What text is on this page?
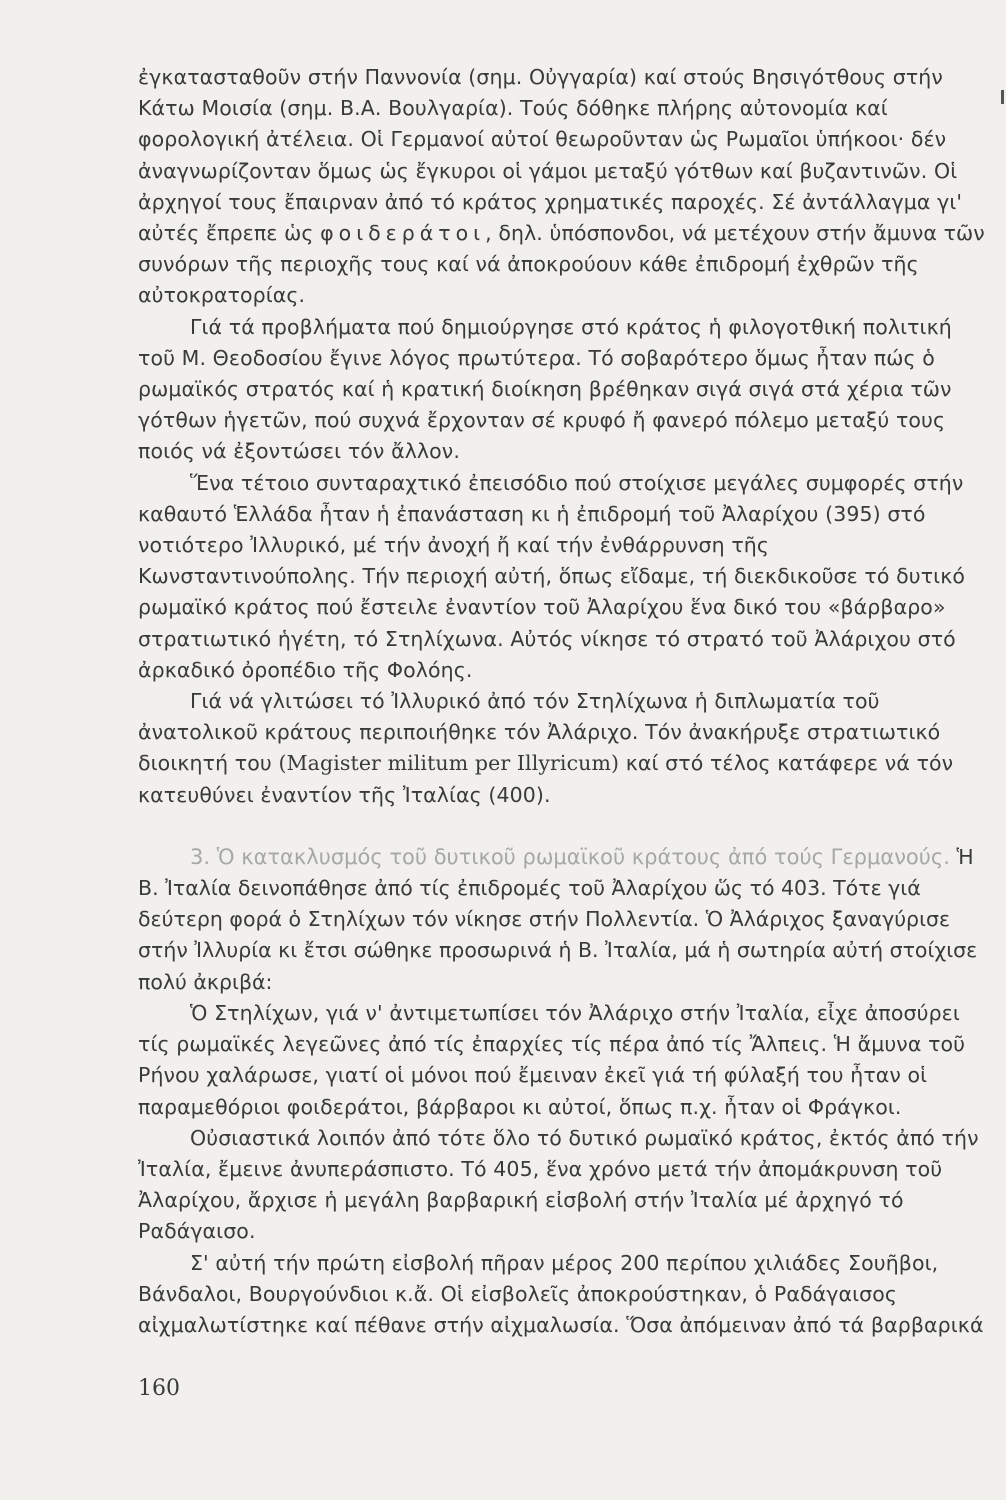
ἐγκατασταθοῦν στήν Παννονία (σημ. Οὐγγαρία) καί στούς Βησιγότθους στήν Κάτω Μοισία (σημ. Β.Α. Βουλγαρία). Τούς δόθηκε πλήρης αὐτονομία καί φορολογική ἀτέλεια. Οἱ Γερμανοί αὐτοί θεωροῦνταν ὡς Ρωμαῖοι ὑπήκοοι· δέν ἀναγνωρίζονταν ὅμως ὡς ἔγκυροι οἱ γάμοι μεταξύ γότθων καί βυζαντινῶν. Οἱ ἀρχηγοί τους ἔπαιρναν ἀπό τό κράτος χρηματικές παροχές. Σέ ἀντάλλαγμα γι' αὐτές ἔπρεπε ὡς φοιδεράτοι, δηλ. ὑπόσπονδοι, νά μετέχουν στήν ἄμυνα τῶν συνόρων τῆς περιοχῆς τους καί νά ἀποκρούουν κάθε ἐπιδρομή ἐχθρῶν τῆς αὐτοκρατορίας.

Γιά τά προβλήματα πού δημιούργησε στό κράτος ἡ φιλογοτθική πολιτική τοῦ Μ. Θεοδοσίου ἔγινε λόγος πρωτύτερα. Τό σοβαρότερο ὅμως ἦταν πώς ὁ ρωμαϊκός στρατός καί ἡ κρατική διοίκηση βρέθηκαν σιγά σιγά στά χέρια τῶν γότθων ἡγετῶν, πού συχνά ἔρχονταν σέ κρυφό ἤ φανερό πόλεμο μεταξύ τους ποιός νά ἐξοντώσει τόν ἄλλον.

Ἕνα τέτοιο συνταραχτικό ἐπεισόδιο πού στοίχισε μεγάλες συμφορές στήν καθαυτό Ἑλλάδα ἦταν ἡ ἐπανάσταση κι ἡ ἐπιδρομή τοῦ Ἀλαρίχου (395) στό νοτιότερο Ἰλλυρικό, μέ τήν ἀνοχή ἤ καί τήν ἐνθάρρυνση τῆς Κωνσταντινούπολης. Τήν περιοχή αὐτή, ὅπως εἴδαμε, τή διεκδικοῦσε τό δυτικό ρωμαϊκό κράτος πού ἔστειλε ἐναντίον τοῦ Ἀλαρίχου ἕνα δικό του «βάρβαρο» στρατιωτικό ἡγέτη, τό Στηλίχωνα. Αὐτός νίκησε τό στρατό τοῦ Ἀλάριχου στό ἀρκαδικό ὀροπέδιο τῆς Φολόης.

Γιά νά γλιτώσει τό Ἰλλυρικό ἀπό τόν Στηλίχωνα ἡ διπλωματία τοῦ ἀνατολικοῦ κράτους περιποιήθηκε τόν Ἀλάριχο. Τόν ἀνακήρυξε στρατιωτικό διοικητή του (Magister militum per Illyricum) καί στό τέλος κατάφερε νά τόν κατευθύνει ἐναντίον τῆς Ἰταλίας (400).

3. Ὁ κατακλυσμός τοῦ δυτικοῦ ρωμαϊκοῦ κράτους ἀπό τούς Γερμανούς. Ἡ Β. Ἰταλία δεινοπάθησε ἀπό τίς ἐπιδρομές τοῦ Ἀλαρίχου ὥς τό 403. Τότε γιά δεύτερη φορά ὁ Στηλίχων τόν νίκησε στήν Πολλεντία. Ὁ Ἀλάριχος ξαναγύρισε στήν Ἰλλυρία κι ἔτσι σώθηκε προσωρινά ἡ Β. Ἰταλία, μά ἡ σωτηρία αὐτή στοίχισε πολύ ἀκριβά:

Ὁ Στηλίχων, γιά ν' ἀντιμετωπίσει τόν Ἀλάριχο στήν Ἰταλία, εἶχε ἀποσύρει τίς ρωμαϊκές λεγεῶνες ἀπό τίς ἐπαρχίες τίς πέρα ἀπό τίς Ἄλπεις. Ἡ ἄμυνα τοῦ Ρήνου χαλάρωσε, γιατί οἱ μόνοι πού ἔμειναν ἐκεῖ γιά τή φύλαξή του ἦταν οἱ παραμεθόριοι φοιδεράτοι, βάρβαροι κι αὐτοί, ὅπως π.χ. ἦταν οἱ Φράγκοι.

Οὐσιαστικά λοιπόν ἀπό τότε ὅλο τό δυτικό ρωμαϊκό κράτος, ἐκτός ἀπό τήν Ἰταλία, ἔμεινε ἀνυπεράσπιστο. Τό 405, ἕνα χρόνο μετά τήν ἀπομάκρυνση τοῦ Ἀλαρίχου, ἄρχισε ἡ μεγάλη βαρβαρική εἰσβολή στήν Ἰταλία μέ ἀρχηγό τό Ραδάγαισο.

Σ' αὐτή τήν πρώτη εἰσβολή πῆραν μέρος 200 περίπου χιλιάδες Σουῆβοι, Βάνδαλοι, Βουργούνδιοι κ.ἄ. Οἱ εἰσβολεῖς ἀποκρούστηκαν, ὁ Ραδάγαισος αἰχμαλωτίστηκε καί πέθανε στήν αἰχμαλωσία. Ὅσα ἀπόμειναν ἀπό τά βαρβαρικά

160
